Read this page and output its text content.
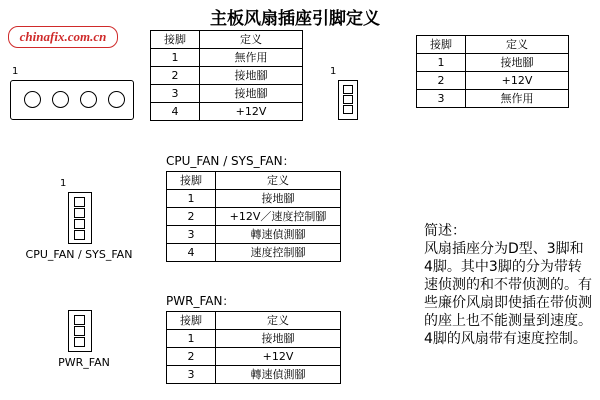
chinafix.com.cn
主板风扇插座引脚定义
1
接脚	定义
1	無作用
2	接地腳
3	接地腳
4	+12V
1
接脚	定义
1	接地腳
2	+12V
3	無作用
1
CPU_FAN / SYS_FAN
CPU_FAN / SYS_FAN：
接脚	定义
1	接地腳
2	+12V／速度控制腳
3	轉速偵測腳
4	速度控制腳
PWR_FAN
PWR_FAN：
接脚	定义
1	接地腳
2	+12V
3	轉速偵測腳
简述：
风扇插座分为D型、3脚和4脚。其中3脚的分为带转速侦测的和不带侦测的。有些廉价风扇即使插在带侦测的座上也不能测量到速度。4脚的风扇带有速度控制。
